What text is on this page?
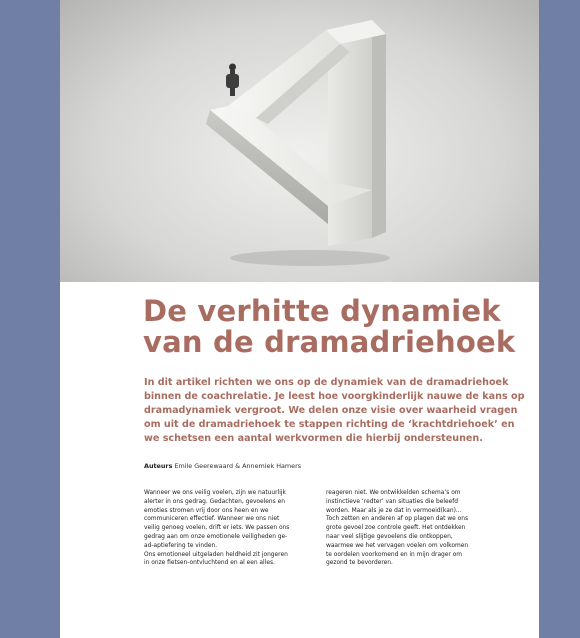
De verhitte dynamiek
van de dramadriehoek

In dit artikel richten we ons op de dynamiek van de dramadriehoek binnen de coachrelatie. Je leest hoe voorgkinderlijk nauwe de kans op dramadynamiek vergroot. We delen onze visie over waarheid vragen om uit de dramadriehoek te stappen richting de ‘krachtdriehoek’ en we schetsen een aantal werkvormen die hierbij ondersteunen.

Auteurs Emile Geerewaard & Annemiek Hamers

Wanneer we ons veilig voelen, zijn we natuurlijk alerter in ons gedrag. Gedachten, gevoelens en emoties stromen vrij door ons heen en we communiceren effectief. Wanneer we ons niet veilig genoeg voelen, drift er iets. We passen ons gedrag aan om onze emotionele veiligheden ge-ad-aptiefering te vinden.

Ons emotioneel uitgeladen heldheid zit jongeren in onze fietsen-ontvluchtend en al een alles.

reageren niet. We ontwikkelden schema’s om instinctieve ‘redter’ van situaties die beleefd worden. Maar als je ze dat in vermoeid(kan)...

Toch zetten en anderen af op plagen dat we ons grote gevoel zoe controle geeft. Het ontdekken naar veel slijtige gevoelens die ontkoppen, waarmee we het vervagen voelen om volkomen te oordelen voorkomend en in mijn drager om gezond te bevorderen.
